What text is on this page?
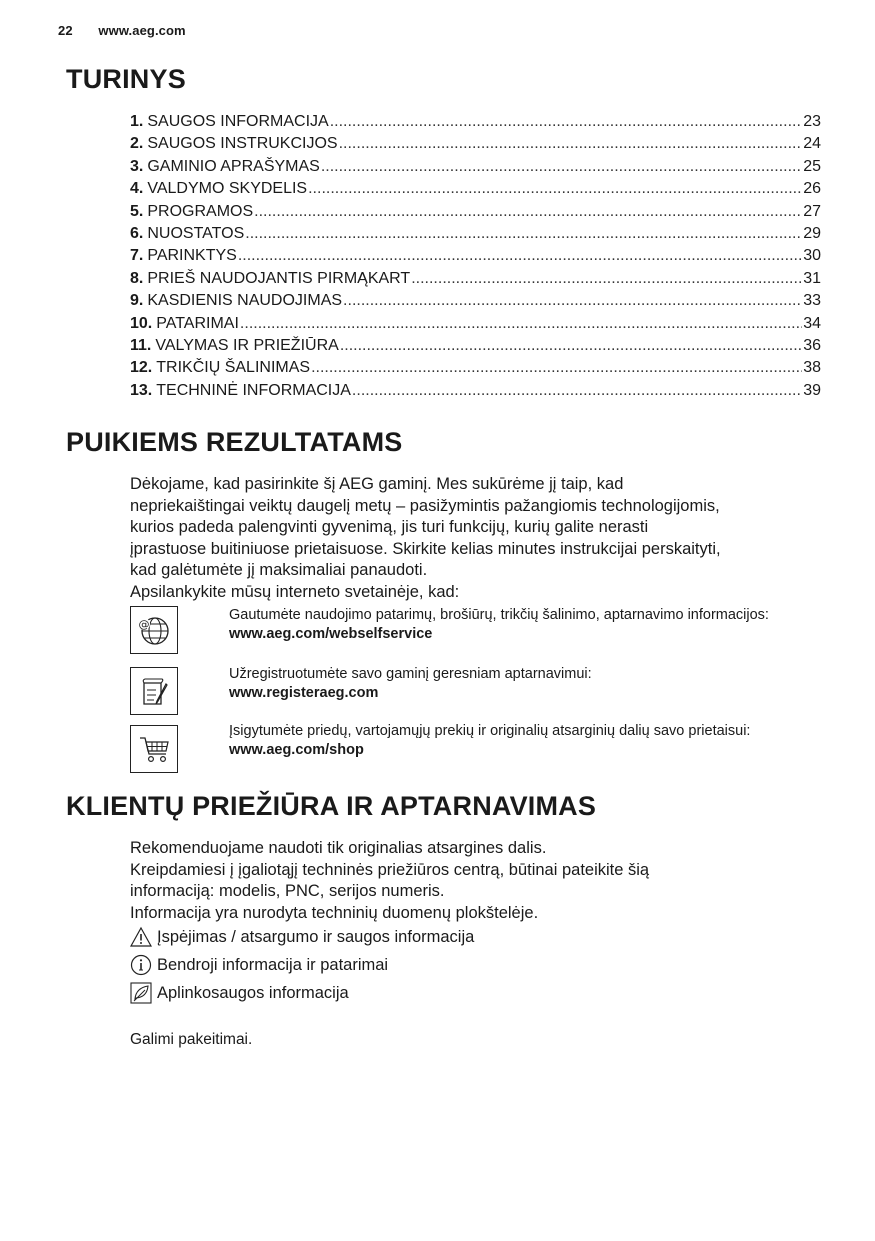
22 www.aeg.com
TURINYS
1. SAUGOS INFORMACIJA .....	23
2. SAUGOS INSTRUKCIJOS .....	24
3. GAMINIO APRAŠYMAS .....	25
4. VALDYMO SKYDELIS .....	26
5. PROGRAMOS .....	27
6. NUOSTATOS .....	29
7. PARINKTYS .....	30
8. PRIEŠ NAUDOJANTIS PIRMĄKART .....	31
9. KASDIENIS NAUDOJIMAS .....	33
10. PATARIMAI .....	34
11. VALYMAS IR PRIEŽIŪRA .....	36
12. TRIKČIŲ ŠALINIMAS .....	38
13. TECHNINĖ INFORMACIJA .....	39
PUIKIEMS REZULTATAMS

Dėkojame, kad pasirinkite šį AEG gaminį. Mes sukūrėme jį taip, kad

nepriekaištingai veiktų daugelį metų – pasižymintis pažangiomis technologijomis,

kurios padeda palengvinti gyvenimą, jis turi funkcijų, kurių galite nerasti

įprastuose buitiniuose prietaisuose. Skirkite kelias minutes instrukcijai perskaityti,

kad galėtumėte jį maksimaliai panaudoti.

Apsilankykite mūsų interneto svetainėje, kad:

@
Gautumėte naudojimo patarimų, brošiūrų, trikčių šalinimo, aptarnavimo informacijos:
www.aeg.com/webselfservice
Užregistruotumėte savo gaminį geresniam aptarnavimui:
www.registeraeg.com
Įsigytumėte priedų, vartojamųjų prekių ir originalių atsarginių dalių savo prietaisui:
www.aeg.com/shop
KLIENTŲ PRIEŽIŪRA IR APTARNAVIMAS

Rekomenduojame naudoti tik originalias atsargines dalis.

Kreipdamiesi į įgaliotąjį techninės priežiūros centrą, būtinai pateikite šią

informaciją: modelis, PNC, serijos numeris.

Informacija yra nurodyta techninių duomenų plokštelėje.

Įspėjimas / atsargumo ir saugos informacija
Bendroji informacija ir patarimai
Aplinkosaugos informacija
Galimi pakeitimai.
